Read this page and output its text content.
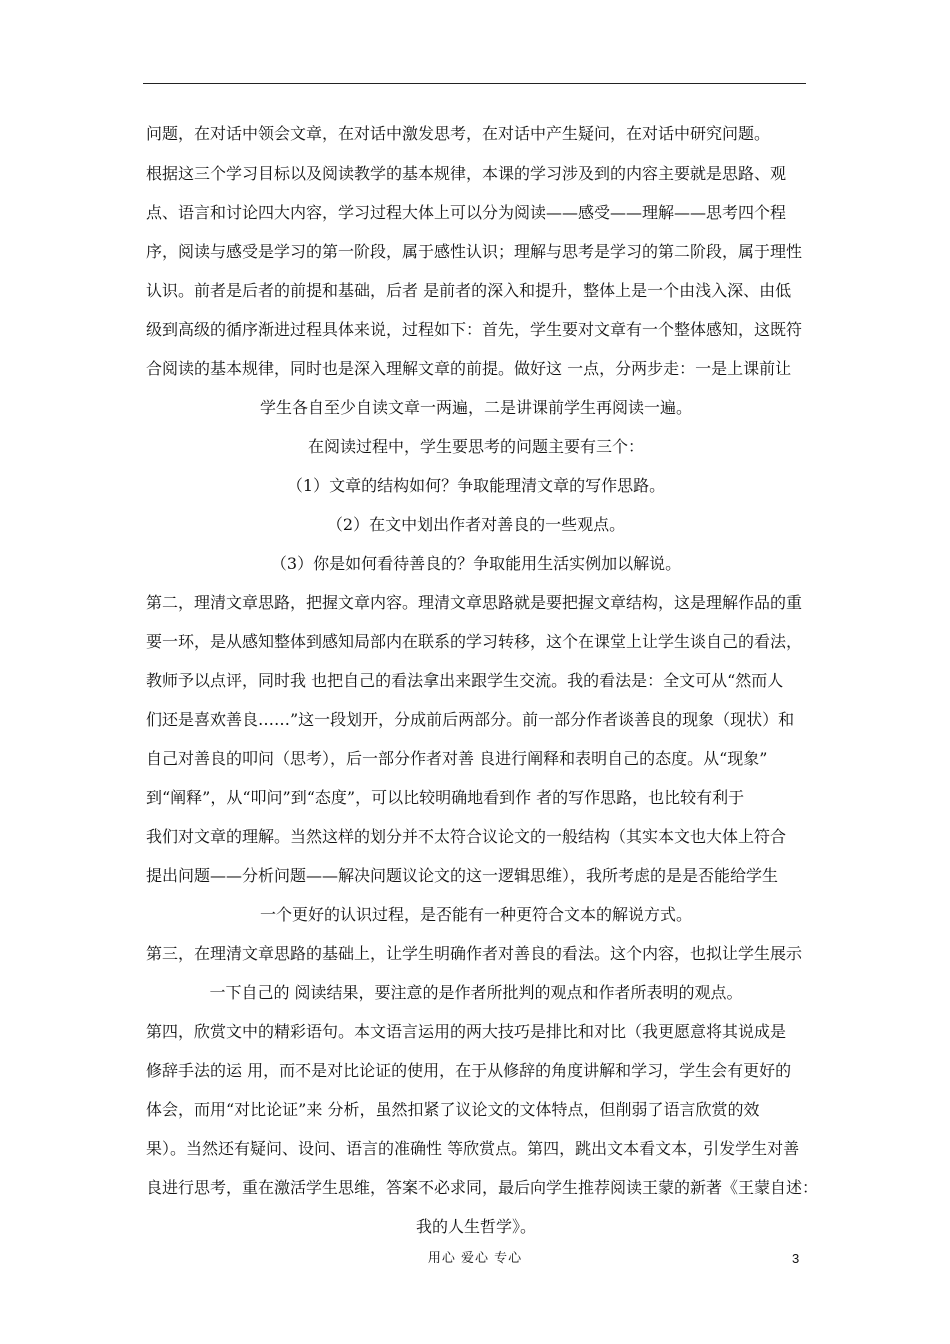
问题，在对话中领会文章，在对话中激发思考，在对话中产生疑问，在对话中研究问题。

根据这三个学习目标以及阅读教学的基本规律，本课的学习涉及到的内容主要就是思路、观

点、语言和讨论四大内容，学习过程大体上可以分为阅读——感受——理解——思考四个程

序，阅读与感受是学习的第一阶段，属于感性认识；理解与思考是学习的第二阶段，属于理性

认识。前者是后者的前提和基础，后者 是前者的深入和提升，整体上是一个由浅入深、由低

级到高级的循序渐进过程具体来说，过程如下：首先，学生要对文章有一个整体感知，这既符

合阅读的基本规律，同时也是深入理解文章的前提。做好这 一点，分两步走：一是上课前让

学生各自至少自读文章一两遍，二是讲课前学生再阅读一遍。

在阅读过程中，学生要思考的问题主要有三个：

（1）文章的结构如何？争取能理清文章的写作思路。

（2）在文中划出作者对善良的一些观点。

（3）你是如何看待善良的？争取能用生活实例加以解说。

第二，理清文章思路，把握文章内容。理清文章思路就是要把握文章结构，这是理解作品的重

要一环，是从感知整体到感知局部内在联系的学习转移，这个在课堂上让学生谈自己的看法，

教师予以点评，同时我 也把自己的看法拿出来跟学生交流。我的看法是：全文可从“然而人

们还是喜欢善良……”这一段划开，分成前后两部分。前一部分作者谈善良的现象（现状）和

自己对善良的叩问（思考），后一部分作者对善 良进行阐释和表明自己的态度。从“现象”

到“阐释”，从“叩问”到“态度”，可以比较明确地看到作 者的写作思路，也比较有利于

我们对文章的理解。当然这样的划分并不太符合议论文的一般结构（其实本文也大体上符合

提出问题——分析问题——解决问题议论文的这一逻辑思维），我所考虑的是是否能给学生

一个更好的认识过程，是否能有一种更符合文本的解说方式。

第三，在理清文章思路的基础上，让学生明确作者对善良的看法。这个内容，也拟让学生展示

一下自己的 阅读结果，要注意的是作者所批判的观点和作者所表明的观点。

第四，欣赏文中的精彩语句。本文语言运用的两大技巧是排比和对比（我更愿意将其说成是

修辞手法的运 用，而不是对比论证的使用，在于从修辞的角度讲解和学习，学生会有更好的

体会，而用“对比论证”来 分析，虽然扣紧了议论文的文体特点，但削弱了语言欣赏的效

果）。当然还有疑问、设问、语言的准确性 等欣赏点。第四，跳出文本看文本，引发学生对善

良进行思考，重在激活学生思维，答案不必求同，最后向学生推荐阅读王蒙的新著《王蒙自述：

我的人生哲学》。

用心 爱心 专心	3
